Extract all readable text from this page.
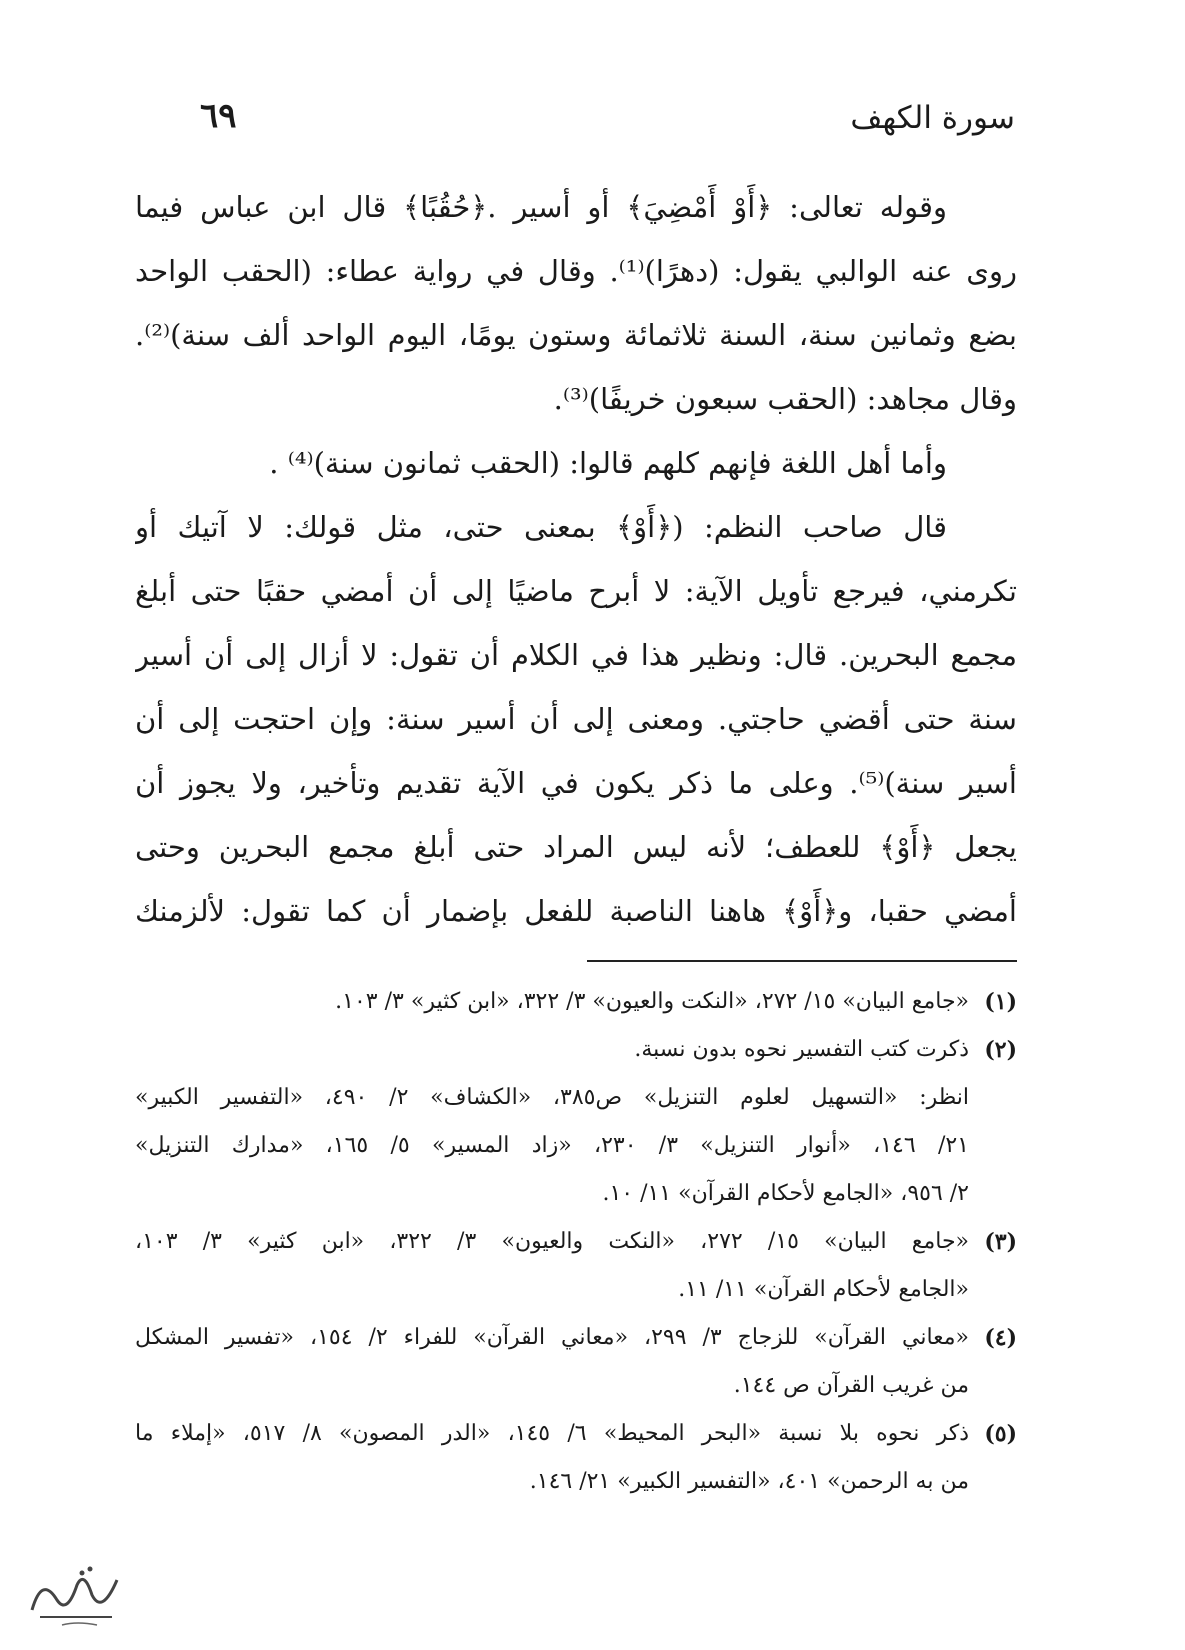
سورة الكهف
٦٩
وقوله تعالى: ﴿أَوْ أَمْضِيَ﴾ أو أسير .﴿حُقُبًا﴾ قال ابن عباس فيما
روى عنه الوالبي يقول: (دهرًا)⁽¹⁾. وقال في رواية عطاء: (الحقب الواحد
بضع وثمانين سنة، السنة ثلاثمائة وستون يومًا، اليوم الواحد ألف سنة)⁽²⁾.
وقال مجاهد: (الحقب سبعون خريفًا)⁽³⁾.
وأما أهل اللغة فإنهم كلهم قالوا: (الحقب ثمانون سنة)⁽⁴⁾ .
قال صاحب النظم: (﴿أَوْ﴾ بمعنى حتى، مثل قولك: لا آتيك أو
تكرمني، فيرجع تأويل الآية: لا أبرح ماضيًا إلى أن أمضي حقبًا حتى أبلغ
مجمع البحرين. قال: ونظير هذا في الكلام أن تقول: لا أزال إلى أن أسير
سنة حتى أقضي حاجتي. ومعنى إلى أن أسير سنة: وإن احتجت إلى أن
أسير سنة)⁽⁵⁾. وعلى ما ذكر يكون في الآية تقديم وتأخير، ولا يجوز أن
يجعل ﴿أَوْ﴾ للعطف؛ لأنه ليس المراد حتى أبلغ مجمع البحرين وحتى
أمضي حقبا، و﴿أَوْ﴾ هاهنا الناصبة للفعل بإضمار أن كما تقول: لألزمنك
(١)
«جامع البيان» ١٥/ ٢٧٢، «النكت والعيون» ٣/ ٣٢٢، «ابن كثير» ٣/ ١٠٣.
(٢)
ذكرت كتب التفسير نحوه بدون نسبة.
انظر: «التسهيل لعلوم التنزيل» ص٣٨٥، «الكشاف» ٢/ ٤٩٠، «التفسير الكبير»
٢١/ ١٤٦، «أنوار التنزيل» ٣/ ٢٣٠، «زاد المسير» ٥/ ١٦٥، «مدارك التنزيل»
٢/ ٩٥٦، «الجامع لأحكام القرآن» ١١/ ١٠.
(٣)
«جامع البيان» ١٥/ ٢٧٢، «النكت والعيون» ٣/ ٣٢٢، «ابن كثير» ٣/ ١٠٣،
«الجامع لأحكام القرآن» ١١/ ١١.
(٤)
«معاني القرآن» للزجاج ٣/ ٢٩٩، «معاني القرآن» للفراء ٢/ ١٥٤، «تفسير المشكل
من غريب القرآن ص ١٤٤.
(٥)
ذكر نحوه بلا نسبة «البحر المحيط» ٦/ ١٤٥، «الدر المصون» ٨/ ٥١٧، «إملاء ما
من به الرحمن» ٤٠١، «التفسير الكبير» ٢١/ ١٤٦.
